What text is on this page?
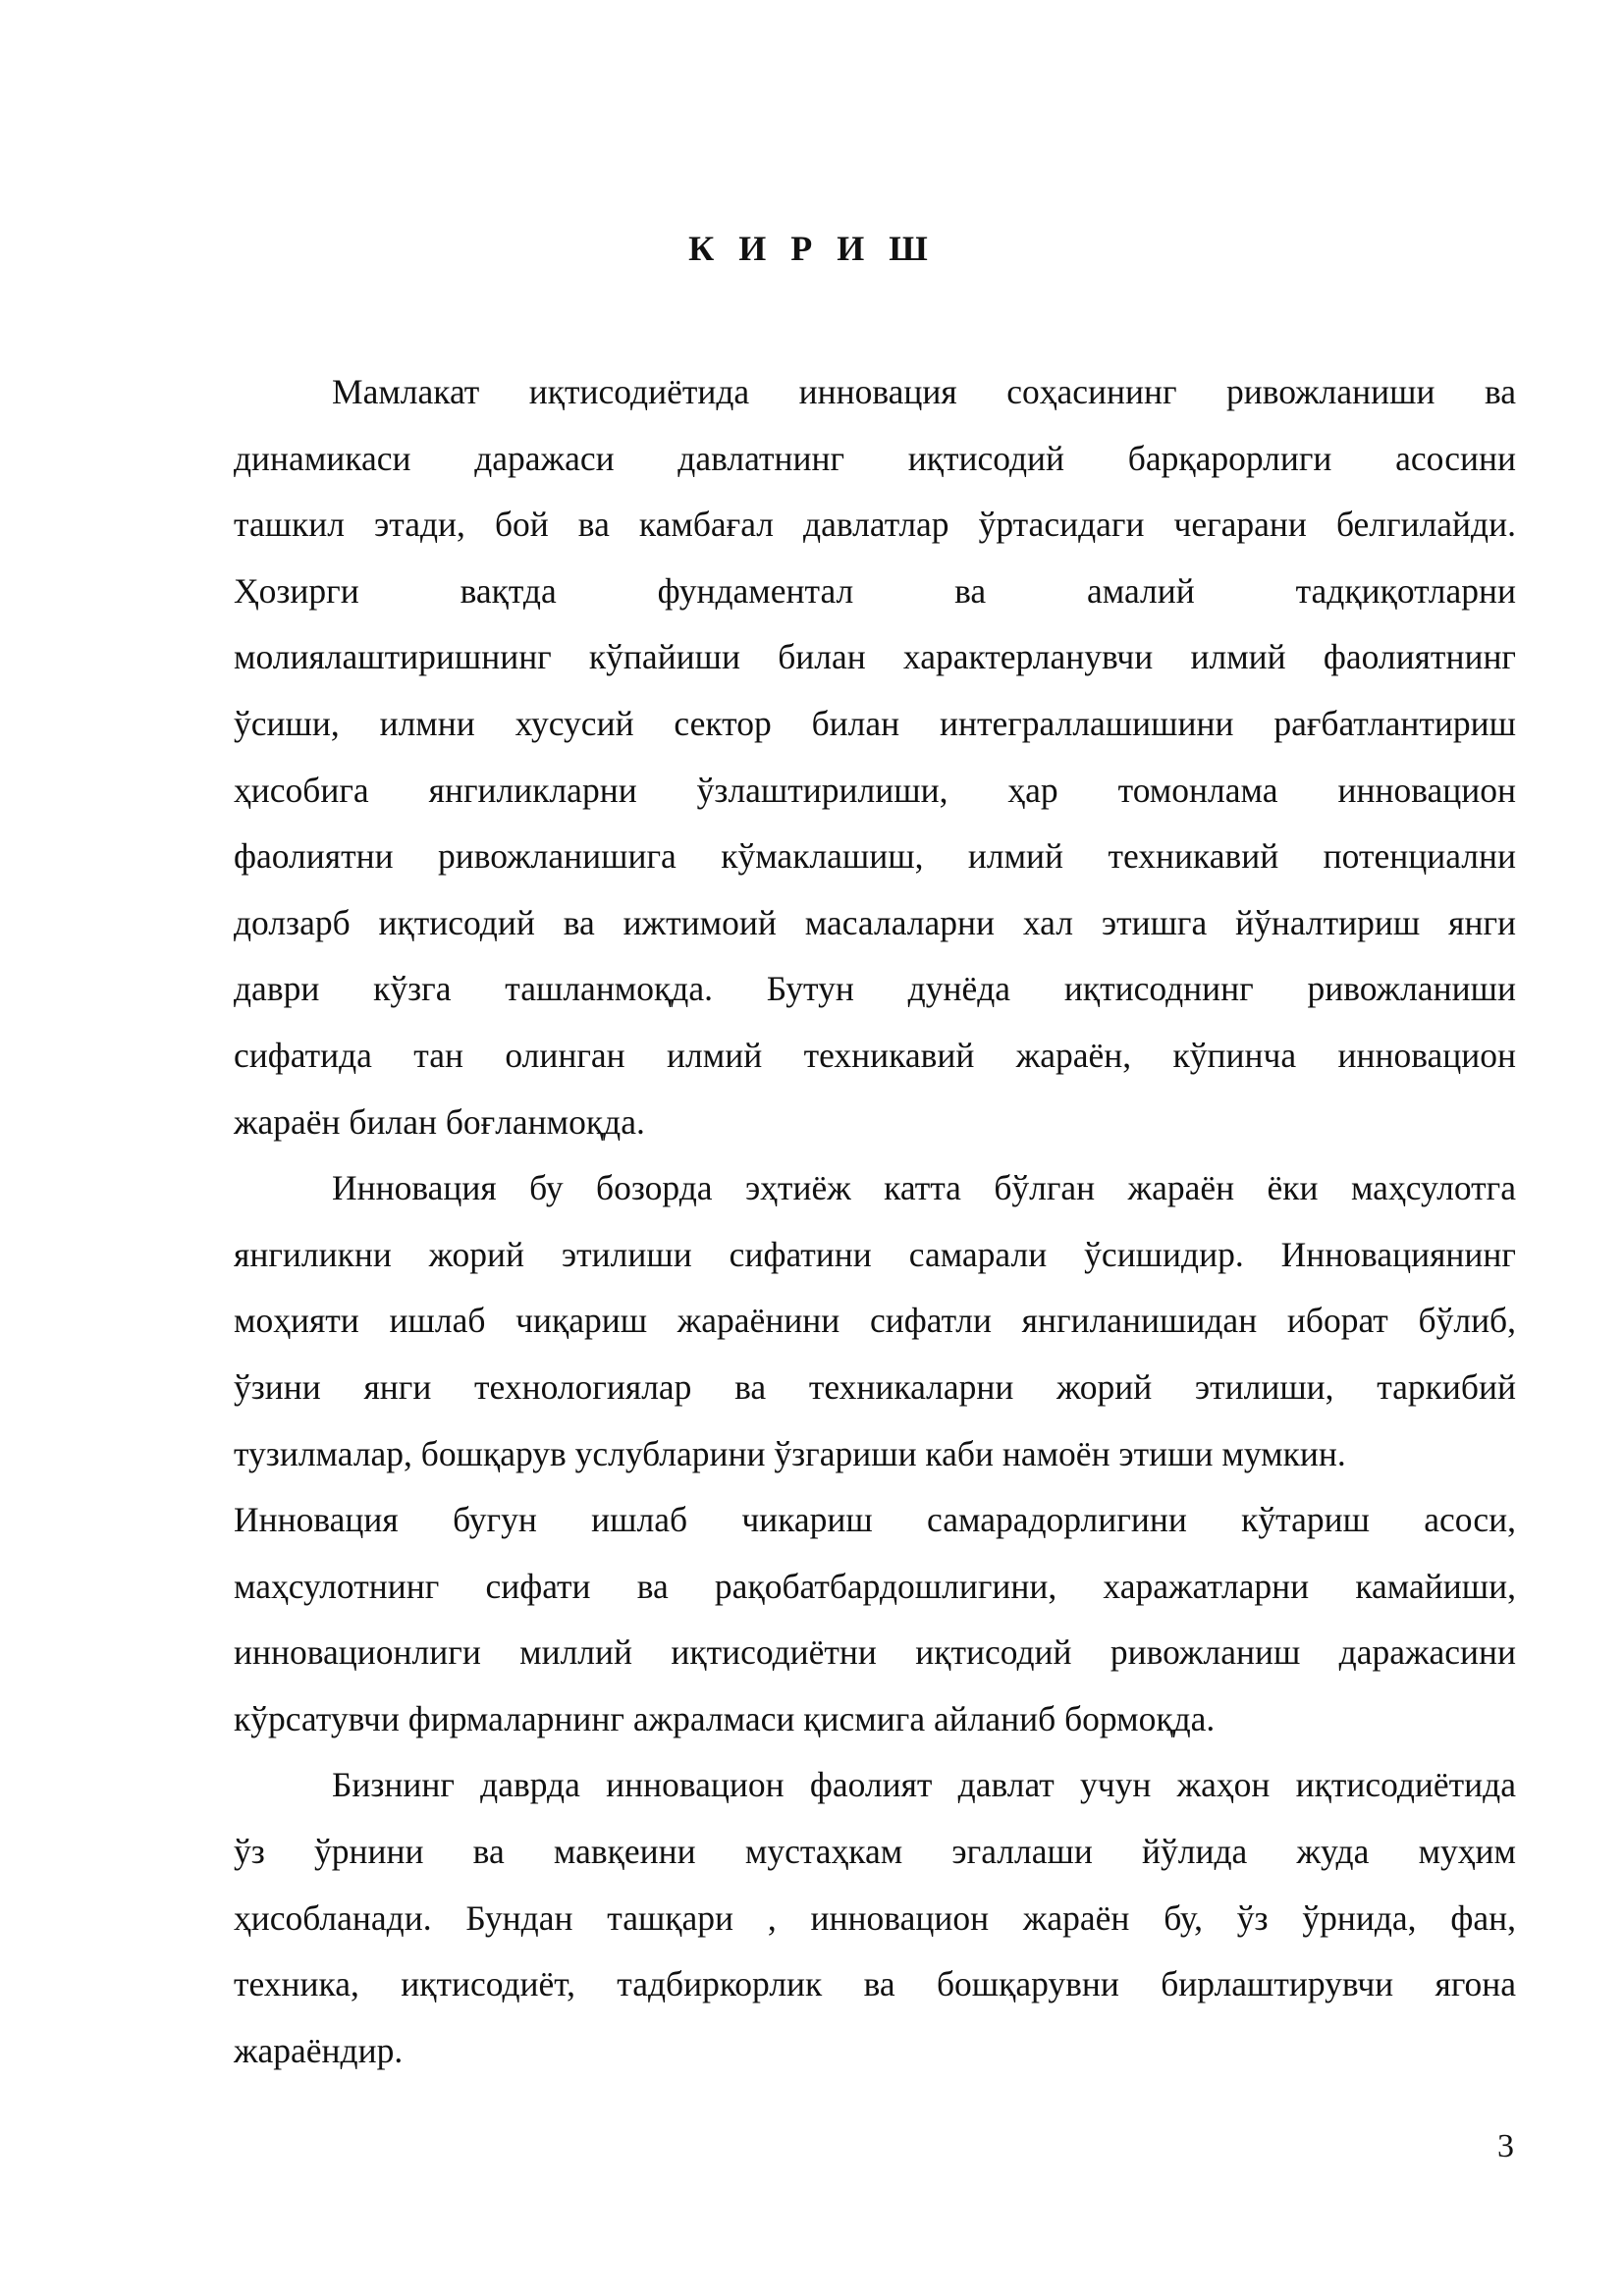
К И Р И Ш
Мамлакат иқтисодиётида инновация соҳасининг ривожланиши ва
динамикаси даражаси давлатнинг иқтисодий барқарорлиги асосини
ташкил этади, бой ва камбағал давлатлар ўртасидаги чегарани белгилайди.
Ҳозирги вақтда фундаментал ва амалий тадқиқотларни
молиялаштиришнинг кўпайиши билан характерланувчи илмий фаолиятнинг
ўсиши, илмни хусусий сектор билан интеграллашишини рағбатлантириш
ҳисобига янгиликларни ўзлаштирилиши, ҳар томонлама инновацион
фаолиятни ривожланишига кўмаклашиш, илмий техникавий потенциални
долзарб иқтисодий ва ижтимоий масалаларни хал этишга йўналтириш янги
даври кўзга ташланмоқда. Бутун дунёда иқтисоднинг ривожланиши
сифатида тан олинган илмий техникавий жараён, кўпинча инновацион
жараён билан боғланмоқда.
Инновация бу бозорда эҳтиёж катта бўлган жараён ёки маҳсулотга
янгиликни жорий этилиши сифатини самарали ўсишидир. Инновациянинг
моҳияти ишлаб чиқариш жараёнини сифатли янгиланишидан иборат бўлиб,
ўзини янги технологиялар ва техникаларни жорий этилиши, таркибий
тузилмалар, бошқарув услубларини ўзгариши каби намоён этиши мумкин.
Инновация бугун ишлаб чикариш самарадорлигини кўтариш асоси,
маҳсулотнинг сифати ва рақобатбардошлигини, харажатларни камайиши,
инновационлиги миллий иқтисодиётни иқтисодий ривожланиш даражасини
кўрсатувчи фирмаларнинг ажралмаси қисмига айланиб бормоқда.
Бизнинг даврда инновацион фаолият давлат учун жаҳон иқтисодиётида
ўз ўрнини ва мавқеини мустаҳкам эгаллаши йўлида жуда муҳим
ҳисобланади. Бундан ташқари , инновацион жараён бу, ўз ўрнида, фан,
техника, иқтисодиёт, тадбиркорлик ва бошқарувни бирлаштирувчи ягона
жараёндир.

3
